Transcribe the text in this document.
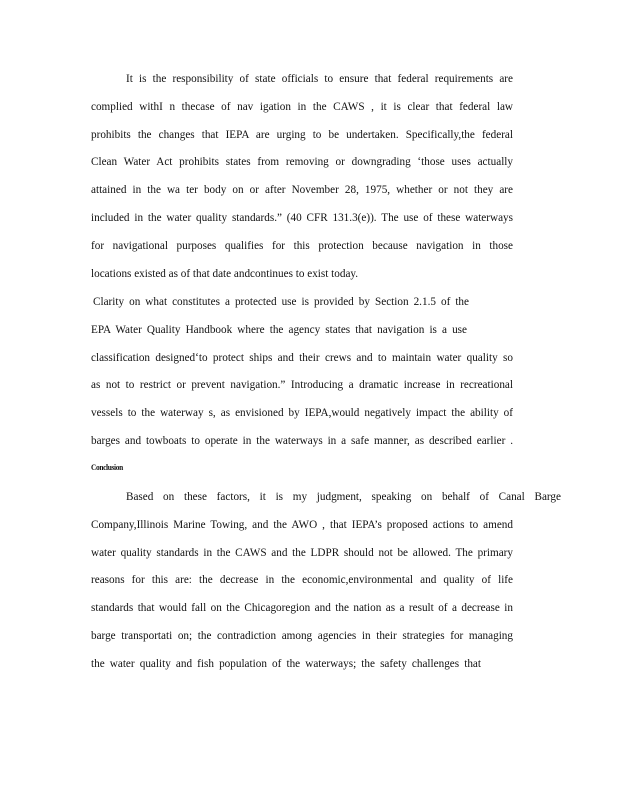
It is the responsibility of state officials to ensure that federal requirements are
complied withI n thecase of nav igation in the CAWS , it is clear that federal law
prohibits the changes that IEPA are urging to be undertaken. Specifically,the federal
Clean Water Act prohibits states from removing or downgrading ‘those uses actually
attained in the wa ter body on or after November 28, 1975, whether or not they are
included in the water quality standards.” (40 CFR 131.3(e)). The use of these waterways
for navigational purposes qualifies for this protection because navigation in those
locations existed as of that date andcontinues to exist today.
Clarity on what constitutes a protected use is provided by Section 2.1.5 of the
EPA Water Quality Handbook where the agency states that navigation is a use
classification designed‘to protect ships and their crews and to maintain water quality so
as not to restrict or prevent navigation.” Introducing a dramatic increase in recreational
vessels to the waterway s, as envisioned by IEPA,would negatively impact the ability of
barges and towboats to operate in the waterways in a safe manner, as described earlier .
Conclusion
Based on these factors, it is my judgment, speaking on behalf of Canal Barge
Company,Illinois Marine Towing, and the AWO , that IEPA’s proposed actions to amend
water quality standards in the CAWS and the LDPR should not be allowed. The primary
reasons for this are: the decrease in the economic,environmental and quality of life
standards that would fall on the Chicagoregion and the nation as a result of a decrease in
barge transportati on; the contradiction among agencies in their strategies for managing
the water quality and fish population of the waterways; the safety challenges that
